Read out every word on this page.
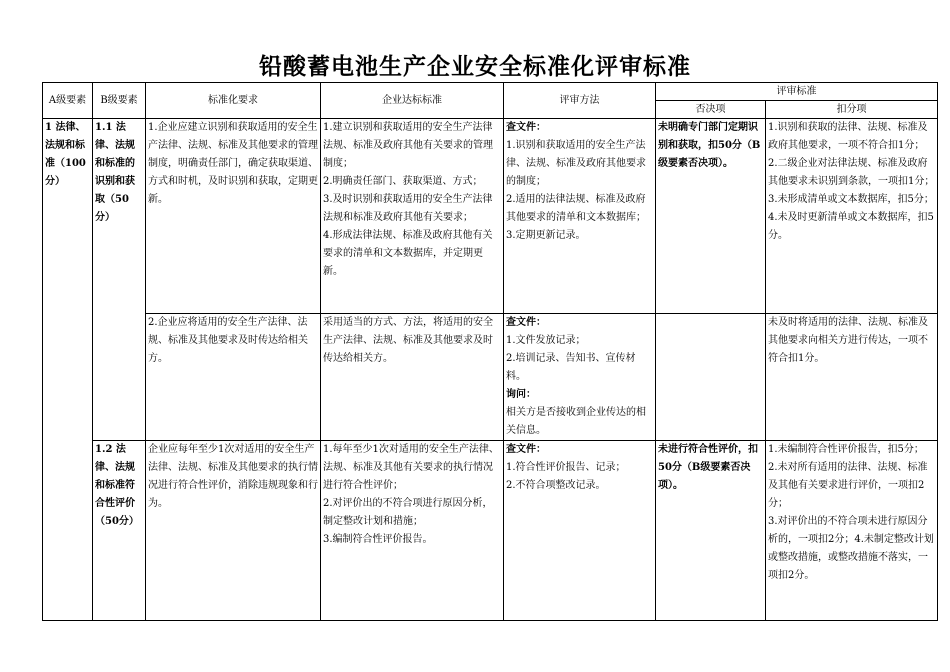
铅酸蓄电池生产企业安全标准化评审标准
A级要素	B级要素	标准化要求	企业达标标准	评审方法	评审标准	
					否决项	扣分项
1 法律、法规和标准（100分）	1.1 法律、法规和标准的识别和获取（50分）	1.企业应建立识别和获取适用的安全生产法律、法规、标准及其他要求的管理制度，明确责任部门，确定获取渠道、方式和时机，及时识别和获取，定期更新。	1.建立识别和获取适用的安全生产法律法规、标准及政府其他有关要求的管理制度；
2.明确责任部门、获取渠道、方式；
3.及时识别和获取适用的安全生产法律法规和标准及政府其他有关要求；
4.形成法律法规、标准及政府其他有关要求的清单和文本数据库，并定期更新。	查文件：
1.识别和获取适用的安全生产法律、法规、标准及政府其他要求的制度；
2.适用的法律法规、标准及政府其他要求的清单和文本数据库；
3.定期更新记录。	未明确专门部门定期识别和获取，扣50分（B级要素否决项）。	1.识别和获取的法律、法规、标准及政府其他要求，一项不符合扣1分；
2.二级企业对法律法规、标准及政府其他要求未识别到条款，一项扣1分；
3.未形成清单或文本数据库，扣5分；
4.未及时更新清单或文本数据库，扣5分。

		2.企业应将适用的安全生产法律、法规、标准及其他要求及时传达给相关方。	采用适当的方式、方法，将适用的安全生产法律、法规、标准及其他要求及时传达给相关方。	查文件：
1.文件发放记录；
2.培训记录、告知书、宣传材料。
询问：
相关方是否接收到企业传达的相关信息。		未及时将适用的法律、法规、标准及其他要求向相关方进行传达，一项不符合扣1分。

	1.2 法律、法规和标准符合性评价（50分）	企业应每年至少1次对适用的安全生产法律、法规、标准及其他要求的执行情况进行符合性评价，消除违规现象和行为。	1.每年至少1次对适用的安全生产法律、法规、标准及其他有关要求的执行情况进行符合性评价；
2.对评价出的不符合项进行原因分析，制定整改计划和措施；
3.编制符合性评价报告。	查文件：
1.符合性评价报告、记录；
2.不符合项整改记录。	未进行符合性评价，扣50分（B级要素否决项）。	1.未编制符合性评价报告，扣5分；
2.未对所有适用的法律、法规、标准及其他有关要求进行评价，一项扣2分；
3.对评价出的不符合项未进行原因分析的，一项扣2分；4.未制定整改计划或整改措施，或整改措施不落实，一项扣2分。
